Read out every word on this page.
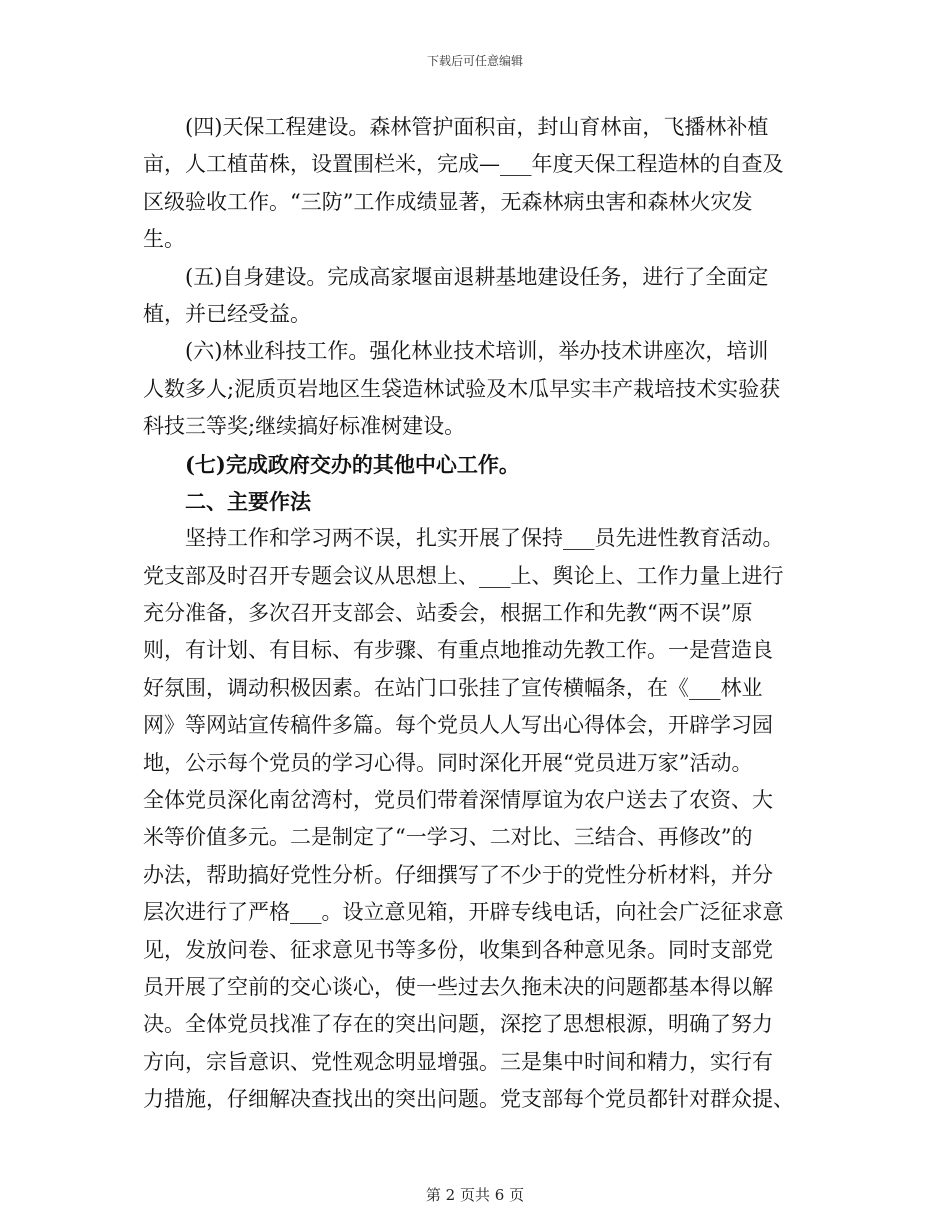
下载后可任意编辑
(四)天保工程建设。森林管护面积亩，封山育林亩，飞播林补植
亩，人工植苗株，设置围栏米，完成—___年度天保工程造林的自查及
区级验收工作。“三防”工作成绩显著，无森林病虫害和森林火灾发
生。
(五)自身建设。完成高家堰亩退耕基地建设任务，进行了全面定
植，并已经受益。
(六)林业科技工作。强化林业技术培训，举办技术讲座次，培训
人数多人;泥质页岩地区生袋造林试验及木瓜早实丰产栽培技术实验获
科技三等奖;继续搞好标准树建设。
(七)完成政府交办的其他中心工作。
二、主要作法
坚持工作和学习两不误，扎实开展了保持___员先进性教育活动。
党支部及时召开专题会议从思想上、___上、舆论上、工作力量上进行
充分准备，多次召开支部会、站委会，根据工作和先教“两不误”原
则，有计划、有目标、有步骤、有重点地推动先教工作。一是营造良
好氛围，调动积极因素。在站门口张挂了宣传横幅条，在《___林业
网》等网站宣传稿件多篇。每个党员人人写出心得体会，开辟学习园
地，公示每个党员的学习心得。同时深化开展“党员进万家”活动。
全体党员深化南岔湾村，党员们带着深情厚谊为农户送去了农资、大
米等价值多元。二是制定了“一学习、二对比、三结合、再修改”的
办法，帮助搞好党性分析。仔细撰写了不少于的党性分析材料，并分
层次进行了严格___。设立意见箱，开辟专线电话，向社会广泛征求意
见，发放问卷、征求意见书等多份，收集到各种意见条。同时支部党
员开展了空前的交心谈心，使一些过去久拖未决的问题都基本得以解
决。全体党员找准了存在的突出问题，深挖了思想根源，明确了努力
方向，宗旨意识、党性观念明显增强。三是集中时间和精力，实行有
力措施，仔细解决查找出的突出问题。党支部每个党员都针对群众提、
第 2 页共 6 页
